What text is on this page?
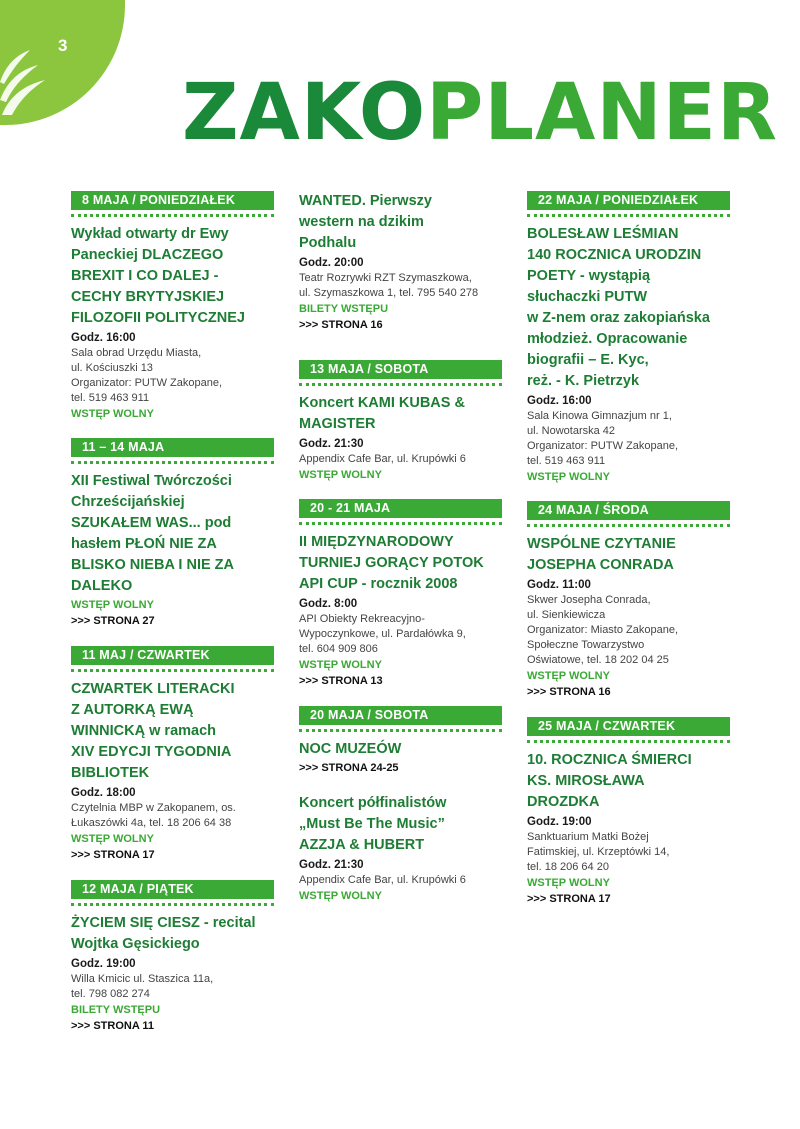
3
ZAKO PLANER
8 MAJA / PONIEDZIAŁEK
Wykład otwarty dr Ewy
Paneckiej DLACZEGO
BREXIT I CO DALEJ -
CECHY BRYTYJSKIEJ
FILOZOFII POLITYCZNEJ
Godz. 16:00
Sala obrad Urzędu Miasta,
ul. Kościuszki 13
Organizator: PUTW Zakopane,
tel. 519 463 911
WSTĘP WOLNY
11 – 14 MAJA
XII Festiwal Twórczości
Chrześcijańskiej
SZUKAŁEM WAS... pod
hasłem PŁOŃ NIE ZA
BLISKO NIEBA I NIE ZA
DALEKO
WSTĘP WOLNY
>>> STRONA 27
11 MAJ / CZWARTEK
CZWARTEK LITERACKI
Z AUTORKĄ EWĄ
WINNICKĄ w ramach
XIV EDYCJI TYGODNIA
BIBLIOTEK
Godz. 18:00
Czytelnia MBP w Zakopanem, os.
Łukaszówki 4a, tel. 18 206 64 38
WSTĘP WOLNY
>>> STRONA 17
12 MAJA / PIĄTEK
ŻYCIEM SIĘ CIESZ - recital
Wojtka Gęsickiego
Godz. 19:00
Willa Kmicic ul. Staszica 11a,
tel. 798 082 274
BILETY WSTĘPU
>>> STRONA 11
WANTED. Pierwszy
western na dzikim
Podhalu
Godz. 20:00
Teatr Rozrywki RZT Szymaszkowa,
ul. Szymaszkowa 1, tel. 795 540 278
BILETY WSTĘPU
>>> STRONA 16
13 MAJA / SOBOTA
Koncert KAMI KUBAS &
MAGISTER
Godz. 21:30
Appendix Cafe Bar, ul. Krupówki 6
WSTĘP WOLNY
20 - 21 MAJA
II MIĘDZYNARODOWY
TURNIEJ GORĄCY POTOK
API CUP - rocznik 2008
Godz. 8:00
API Obiekty Rekreacyjno-
Wypoczynkowe, ul. Pardałówka 9,
tel. 604 909 806
WSTĘP WOLNY
>>> STRONA 13
20 MAJA / SOBOTA
NOC MUZEÓW
>>> STRONA 24-25
Koncert półfinalistów
„Must Be The Music”
AZZJA & HUBERT
Godz. 21:30
Appendix Cafe Bar, ul. Krupówki 6
WSTĘP WOLNY
22 MAJA / PONIEDZIAŁEK
BOLESŁAW LEŚMIAN
140 ROCZNICA URODZIN
POETY - wystąpią
słuchaczki PUTW
w Z-nem oraz zakopiańska
młodzież. Opracowanie
biografii – E. Kyc,
reż. - K. Pietrzyk
Godz. 16:00
Sala Kinowa Gimnazjum nr 1,
ul. Nowotarska 42
Organizator: PUTW Zakopane,
tel. 519 463 911
WSTĘP WOLNY
24 MAJA / ŚRODA
WSPÓLNE CZYTANIE
JOSEPHA CONRADA
Godz. 11:00
Skwer Josepha Conrada,
ul. Sienkiewicza
Organizator: Miasto Zakopane,
Społeczne Towarzystwo
Oświatowe, tel. 18 202 04 25
WSTĘP WOLNY
>>> STRONA 16
25 MAJA / CZWARTEK
10. ROCZNICA ŚMIERCI
KS. MIROSŁAWA
DROZDKA
Godz. 19:00
Sanktuarium Matki Bożej
Fatimskiej, ul. Krzeptówki 14,
tel. 18 206 64 20
WSTĘP WOLNY
>>> STRONA 17
